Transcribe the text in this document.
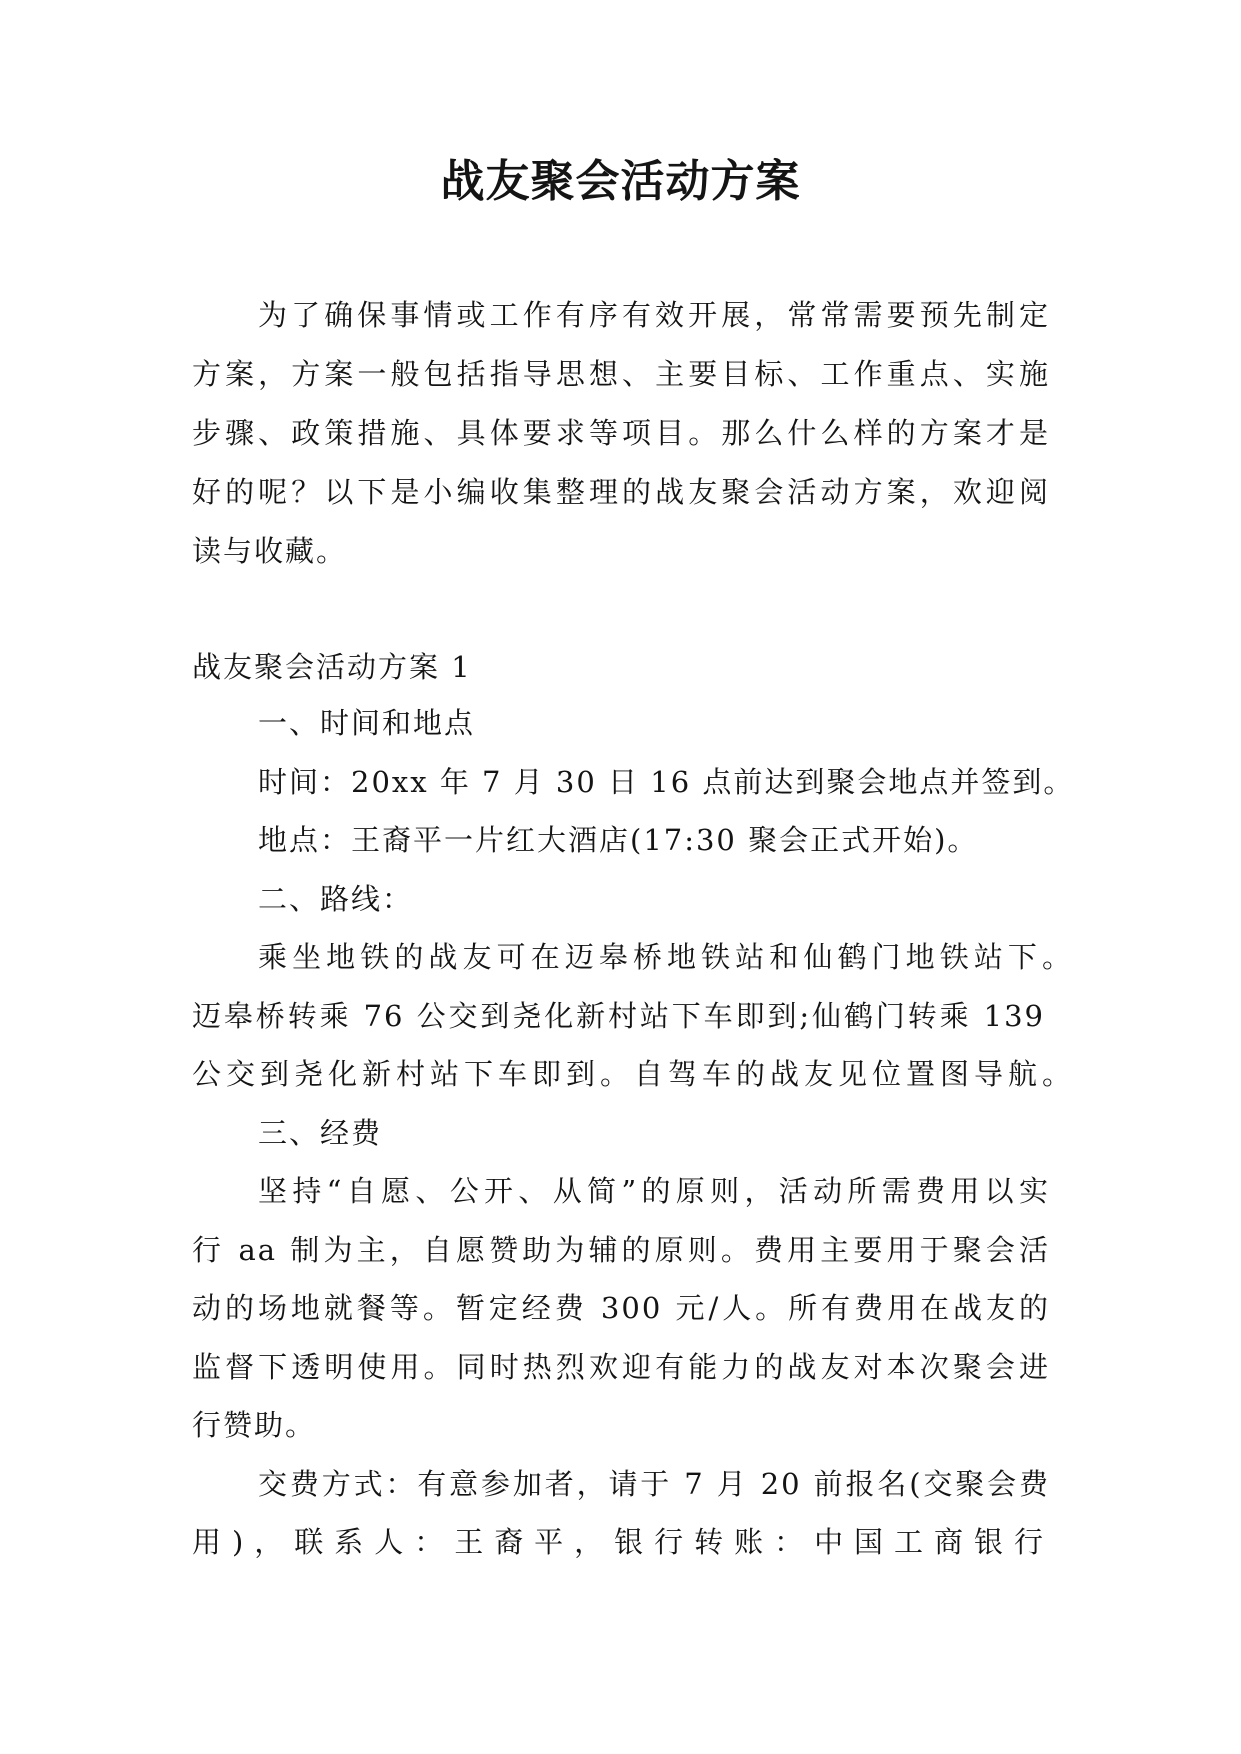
战友聚会活动方案
为了确保事情或工作有序有效开展，常常需要预先制定
方案，方案一般包括指导思想、主要目标、工作重点、实施
步骤、政策措施、具体要求等项目。那么什么样的方案才是
好的呢？以下是小编收集整理的战友聚会活动方案，欢迎阅
读与收藏。
战友聚会活动方案 1
一、时间和地点
时间：20xx 年 7 月 30 日 16 点前达到聚会地点并签到。
地点：王裔平一片红大酒店(17:30 聚会正式开始)。
二、路线：
乘坐地铁的战友可在迈皋桥地铁站和仙鹤门地铁站下。
迈皋桥转乘 76 公交到尧化新村站下车即到;仙鹤门转乘 139
公交到尧化新村站下车即到。自驾车的战友见位置图导航。
三、经费
坚持“自愿、公开、从简”的原则，活动所需费用以实
行 aa 制为主，自愿赞助为辅的原则。费用主要用于聚会活
动的场地就餐等。暂定经费 300 元/人。所有费用在战友的
监督下透明使用。同时热烈欢迎有能力的战友对本次聚会进
行赞助。
交费方式：有意参加者，请于 7 月 20 前报名(交聚会费
用)，联系人：王裔平，银行转账：中国工商银行
